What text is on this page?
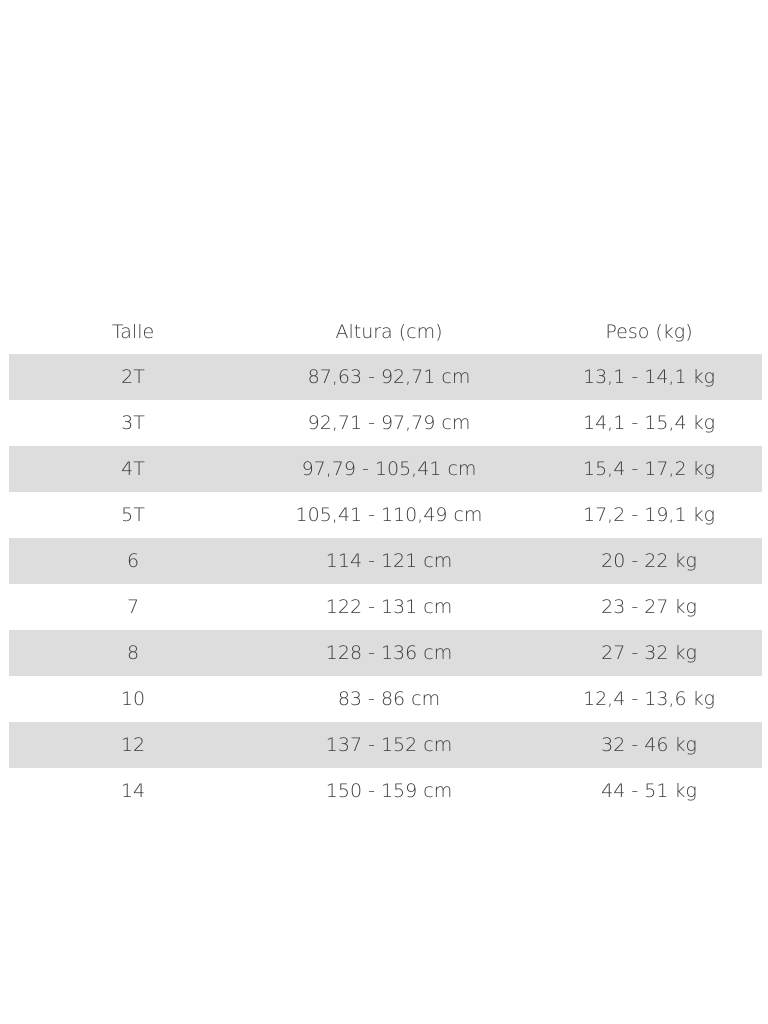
Talle	Altura (cm)	Peso (kg)
2T	87,63 - 92,71 cm	13,1 - 14,1 kg
3T	92,71 - 97,79 cm	14,1 - 15,4 kg
4T	97,79 - 105,41 cm	15,4 - 17,2 kg
5T	105,41 - 110,49 cm	17,2 - 19,1 kg
6	114 - 121 cm	20 - 22 kg
7	122 - 131 cm	23 - 27 kg
8	128 - 136 cm	27 - 32 kg
10	83 - 86 cm	12,4 - 13,6 kg
12	137 - 152 cm	32 - 46 kg
14	150 - 159 cm	44 - 51 kg
